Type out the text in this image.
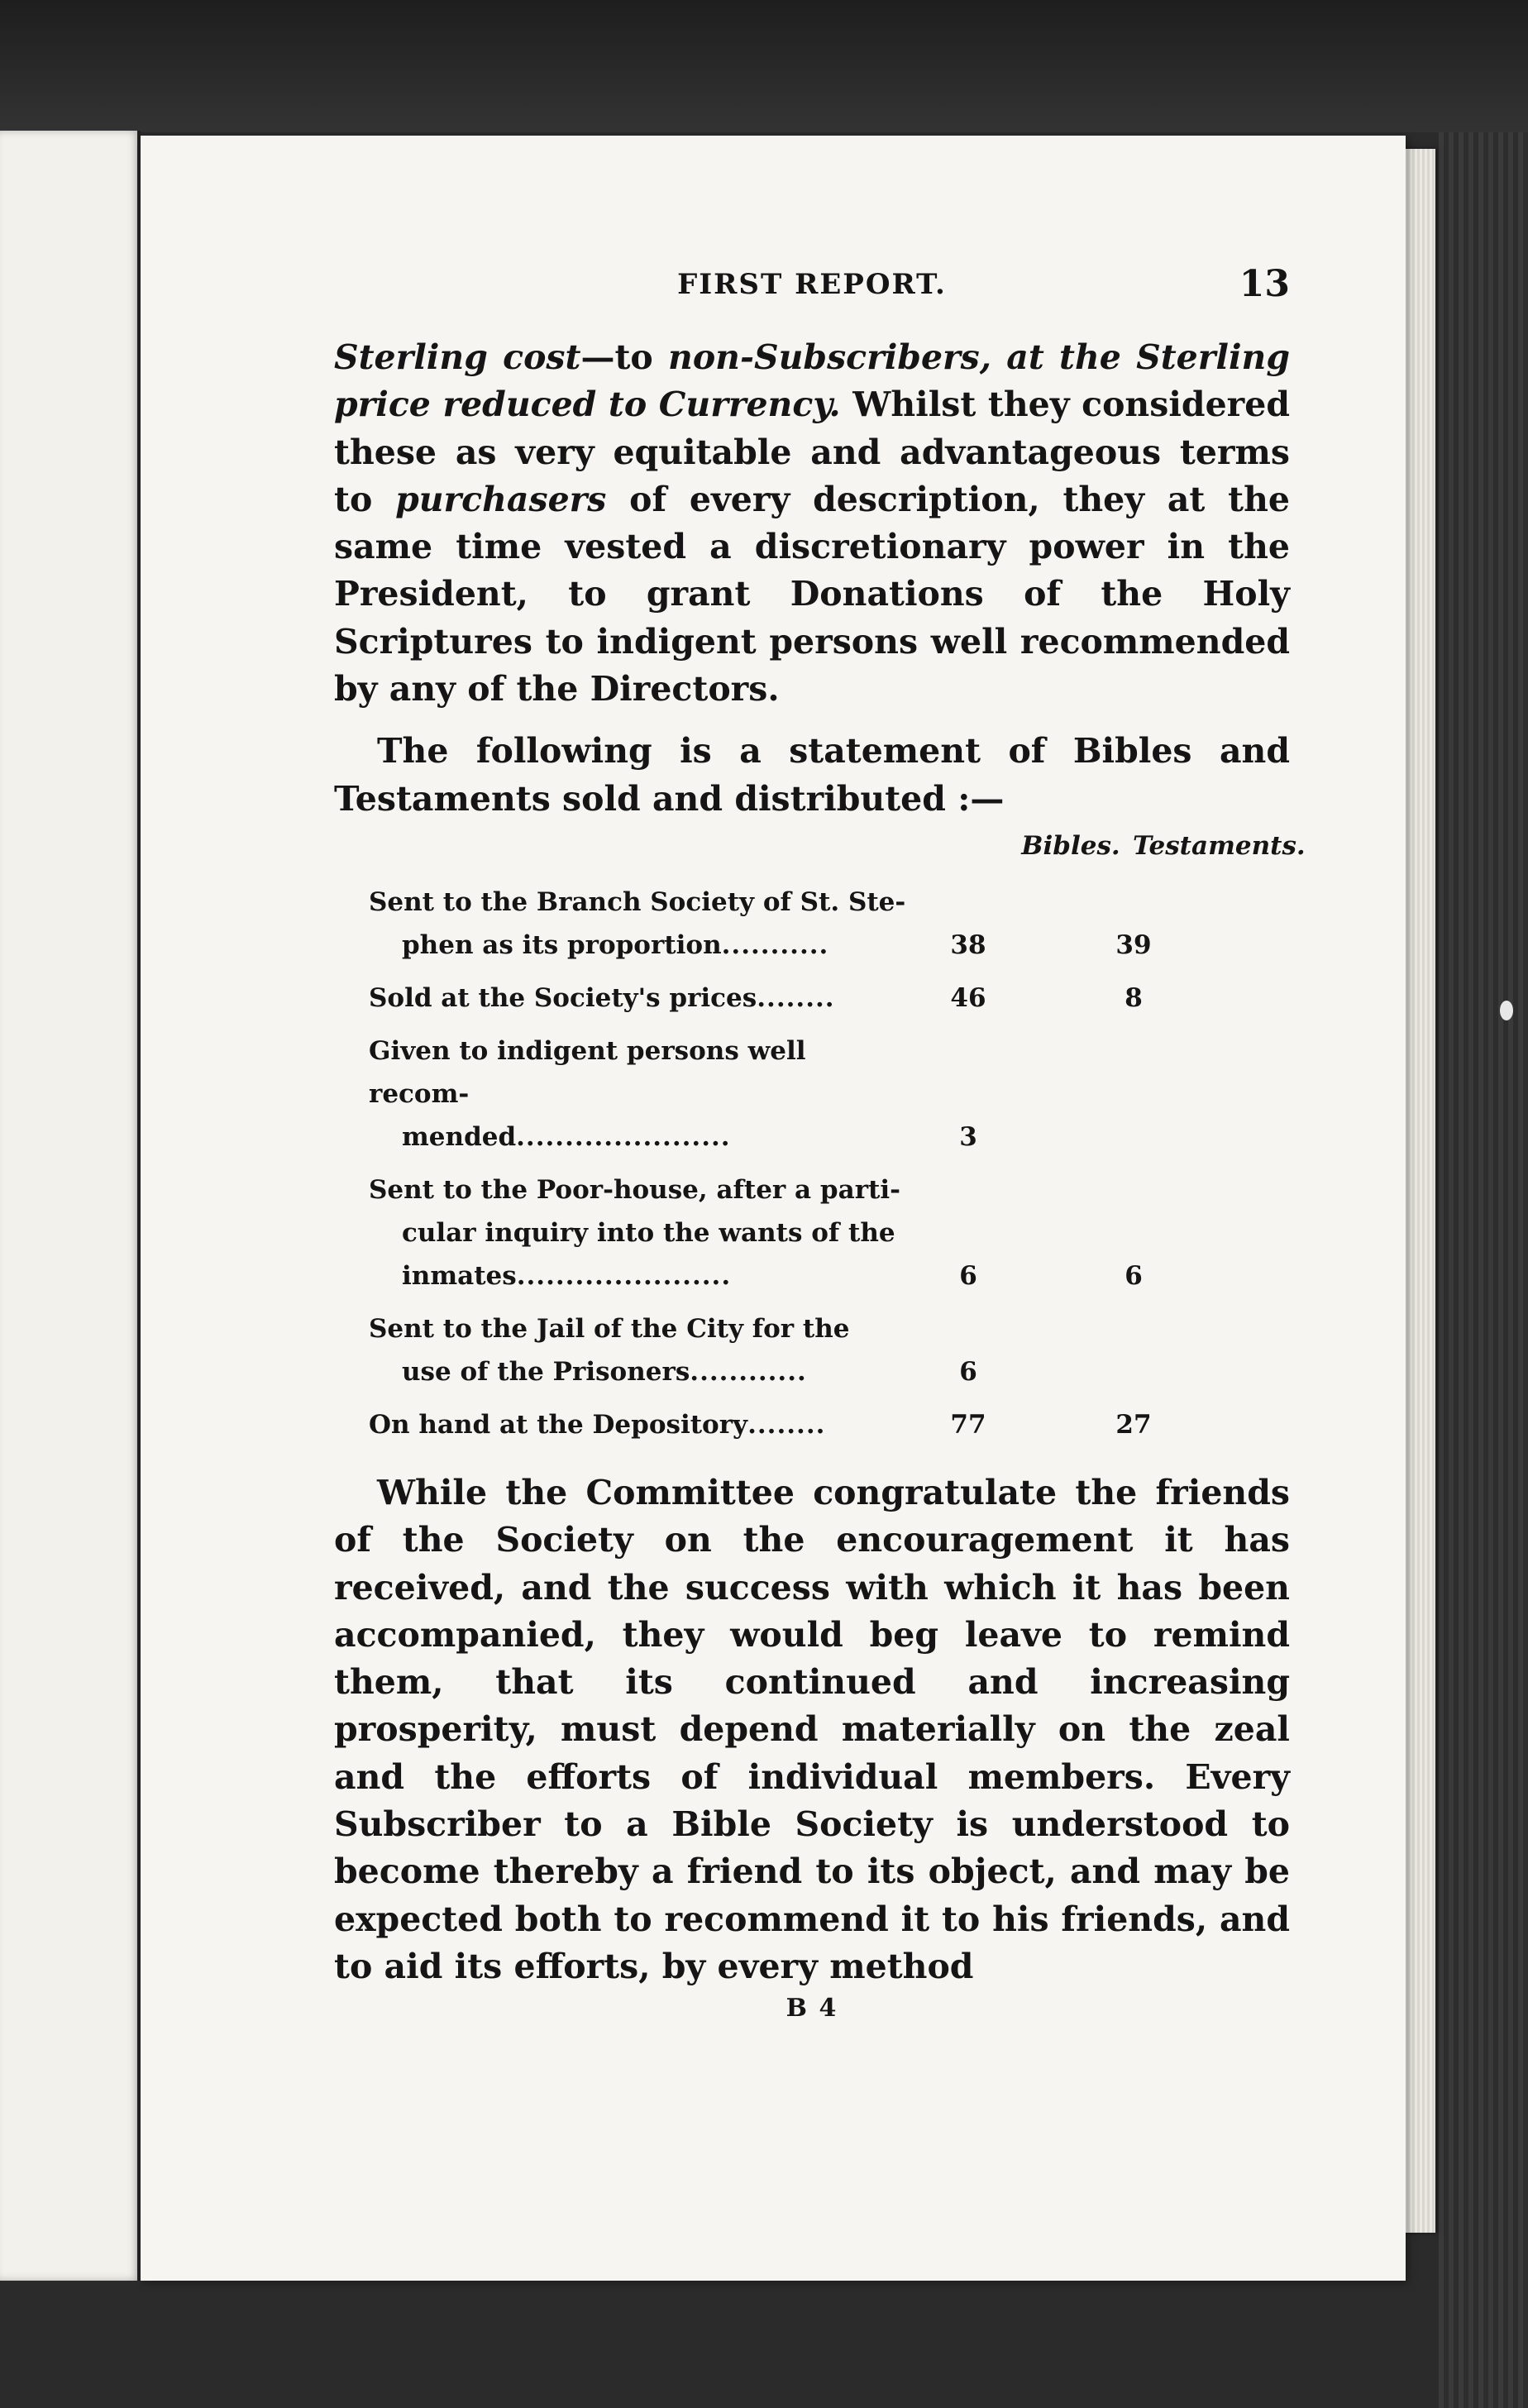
FIRST REPORT.	13

Sterling cost—to non-Subscribers, at the Sterling price reduced to Currency. Whilst they considered these as very equitable and advantageous terms to purchasers of every description, they at the same time vested a discretionary power in the President, to grant Donations of the Holy Scriptures to indigent persons well recommended by any of the Directors.

The following is a statement of Bibles and Testaments sold and distributed :—

Bibles. Testaments.
Sent to the Branch Society of St. Ste-
phen as its proportion...........	38	39
Sold at the Society's prices........	46	8
Given to indigent persons well recom-
mended......................	3
Sent to the Poor-house, after a parti-
cular inquiry into the wants of the
inmates......................	6	6
Sent to the Jail of the City for the
use of the Prisoners............	6
On hand at the Depository........	77	27

While the Committee congratulate the friends of the Society on the encouragement it has received, and the success with which it has been accompanied, they would beg leave to remind them, that its continued and increasing prosperity, must depend materially on the zeal and the efforts of individual members. Every Subscriber to a Bible Society is understood to become thereby a friend to its object, and may be expected both to recommend it to his friends, and to aid its efforts, by every method

B 4
